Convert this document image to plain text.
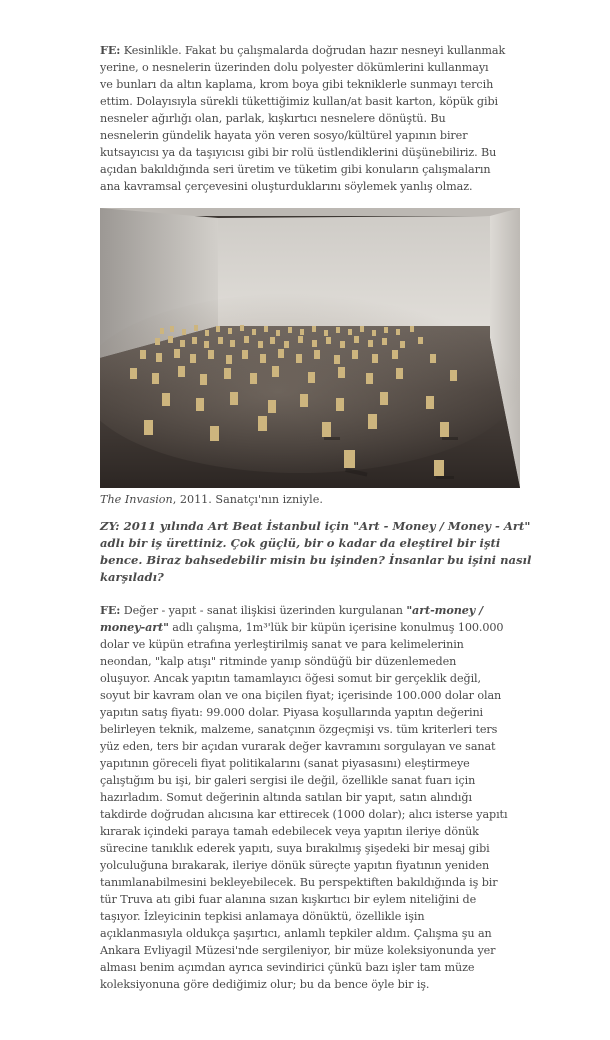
FE: Kesinlikle. Fakat bu çalışmalarda doğrudan hazır nesneyi kullanmak
yerine, o nesnelerin üzerinden dolu polyester dökümlerini kullanmayı
ve bunları da altın kaplama, krom boya gibi tekniklerle sunmayı tercih
ettim. Dolayısıyla sürekli tükettiğimiz kullan/at basit karton, köpük gibi
nesneler ağırlığı olan, parlak, kışkırtıcı nesnelere dönüştü. Bu
nesnelerin gündelik hayata yön veren sosyo/kültürel yapının birer
kutsayıcısı ya da taşıyıcısı gibi bir rolü üstlendiklerini düşünebiliriz. Bu
açıdan bakıldığında seri üretim ve tüketim gibi konuların çalışmaların
ana kavramsal çerçevesini oluşturduklarını söylemek yanlış olmaz.

The Invasion, 2011. Sanatçı'nın izniyle.

ZY: 2011 yılında Art Beat İstanbul için "Art - Money / Money - Art"
adlı bir iş ürettiniz. Çok güçlü, bir o kadar da eleştirel bir işti
bence. Biraz bahsedebilir misin bu işinden? İnsanlar bu işini nasıl
karşıladı?

FE: Değer - yapıt - sanat ilişkisi üzerinden kurgulanan "art-money /
money-art" adlı çalışma, 1m³'lük bir küpün içerisine konulmuş 100.000
dolar ve küpün etrafına yerleştirilmiş sanat ve para kelimelerinin
neondan, "kalp atışı" ritminde yanıp söndüğü bir düzenlemeden
oluşuyor. Ancak yapıtın tamamlayıcı öğesi somut bir gerçeklik değil,
soyut bir kavram olan ve ona biçilen fiyat; içerisinde 100.000 dolar olan
yapıtın satış fiyatı: 99.000 dolar. Piyasa koşullarında yapıtın değerini
belirleyen teknik, malzeme, sanatçının özgeçmişi vs. tüm kriterleri ters
yüz eden, ters bir açıdan vurarak değer kavramını sorgulayan ve sanat
yapıtının göreceli fiyat politikalarını (sanat piyasasını) eleştirmeye
çalıştığım bu işi, bir galeri sergisi ile değil, özellikle sanat fuarı için
hazırladım. Somut değerinin altında satılan bir yapıt, satın alındığı
takdirde doğrudan alıcısına kar ettirecek (1000 dolar); alıcı isterse yapıtı
kırarak içindeki paraya tamah edebilecek veya yapıtın ileriye dönük
sürecine tanıklık ederek yapıtı, suya bırakılmış şişedeki bir mesaj gibi
yolculuğuna bırakarak, ileriye dönük süreçte yapıtın fiyatının yeniden
tanımlanabilmesini bekleyebilecek. Bu perspektiften bakıldığında iş bir
tür Truva atı gibi fuar alanına sızan kışkırtıcı bir eylem niteliğini de
taşıyor. İzleyicinin tepkisi anlamaya dönüktü, özellikle işin
açıklanmasıyla oldukça şaşırtıcı, anlamlı tepkiler aldım. Çalışma şu an
Ankara Evliyagil Müzesi'nde sergileniyor, bir müze koleksiyonunda yer
alması benim açımdan ayrıca sevindirici çünkü bazı işler tam müze
koleksiyonuna göre dediğimiz olur; bu da bence öyle bir iş.
